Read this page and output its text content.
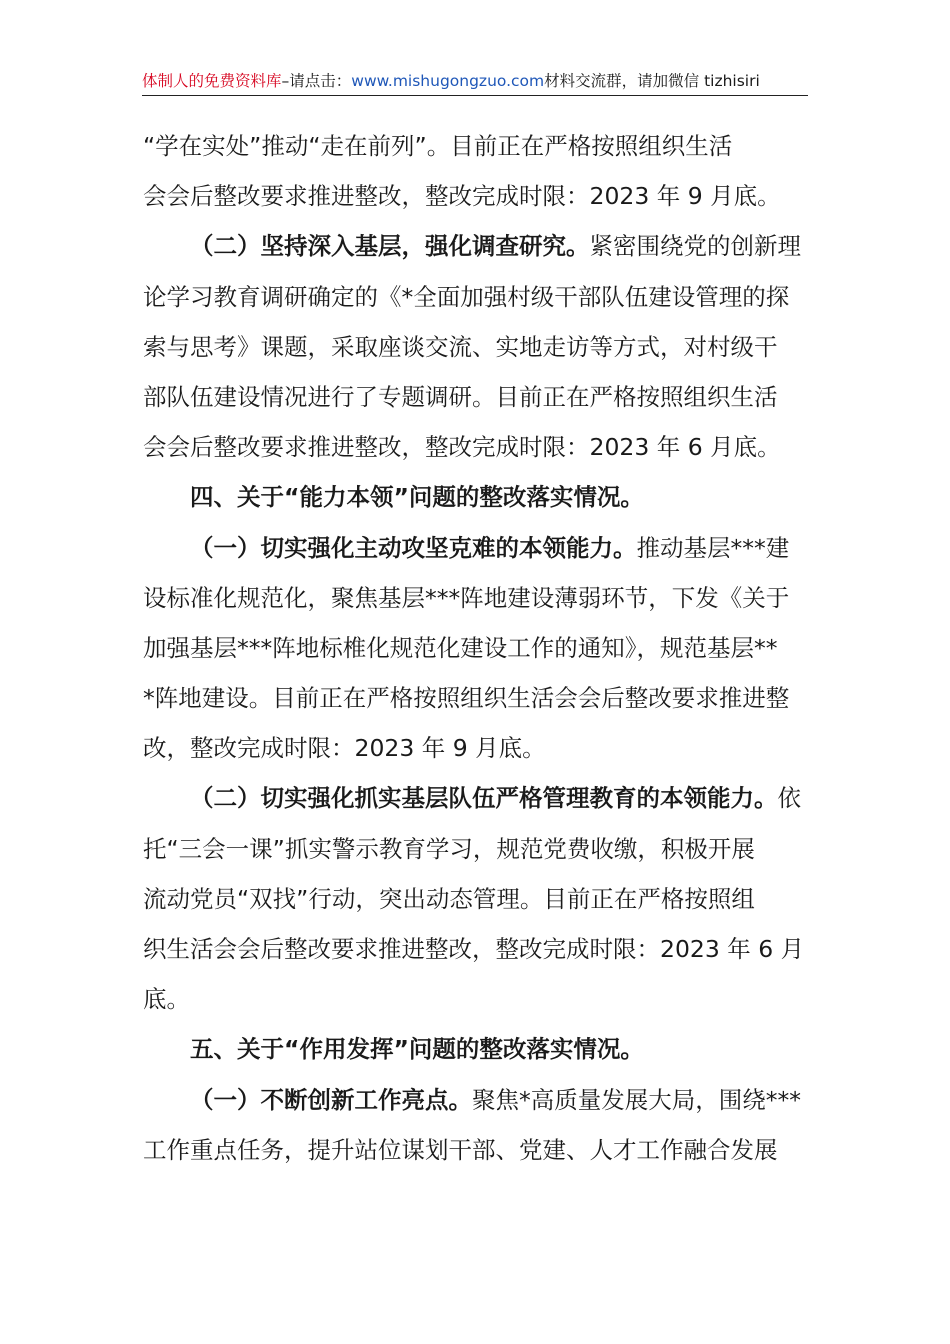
体制人的免费资料库–请点击：www.mishugongzuo.com材料交流群，请加微信 tizhisiri
“学在实处”推动“走在前列”。目前正在严格按照组织生活
会会后整改要求推进整改，整改完成时限：2023 年 9 月底。
（二）坚持深入基层，强化调查研究。紧密围绕党的创新理
论学习教育调研确定的《*全面加强村级干部队伍建设管理的探
索与思考》课题，采取座谈交流、实地走访等方式，对村级干
部队伍建设情况进行了专题调研。目前正在严格按照组织生活
会会后整改要求推进整改，整改完成时限：2023 年 6 月底。
四、关于“能力本领”问题的整改落实情况。
（一）切实强化主动攻坚克难的本领能力。推动基层***建
设标准化规范化，聚焦基层***阵地建设薄弱环节，下发《关于
加强基层***阵地标椎化规范化建设工作的通知》，规范基层**
*阵地建设。目前正在严格按照组织生活会会后整改要求推进整
改，整改完成时限：2023 年 9 月底。
（二）切实强化抓实基层队伍严格管理教育的本领能力。依
托“三会一课”抓实警示教育学习，规范党费收缴，积极开展
流动党员“双找”行动，突出动态管理。目前正在严格按照组
织生活会会后整改要求推进整改，整改完成时限：2023 年 6 月
底。
五、关于“作用发挥”问题的整改落实情况。
（一）不断创新工作亮点。聚焦*高质量发展大局，围绕***
工作重点任务，提升站位谋划干部、党建、人才工作融合发展
